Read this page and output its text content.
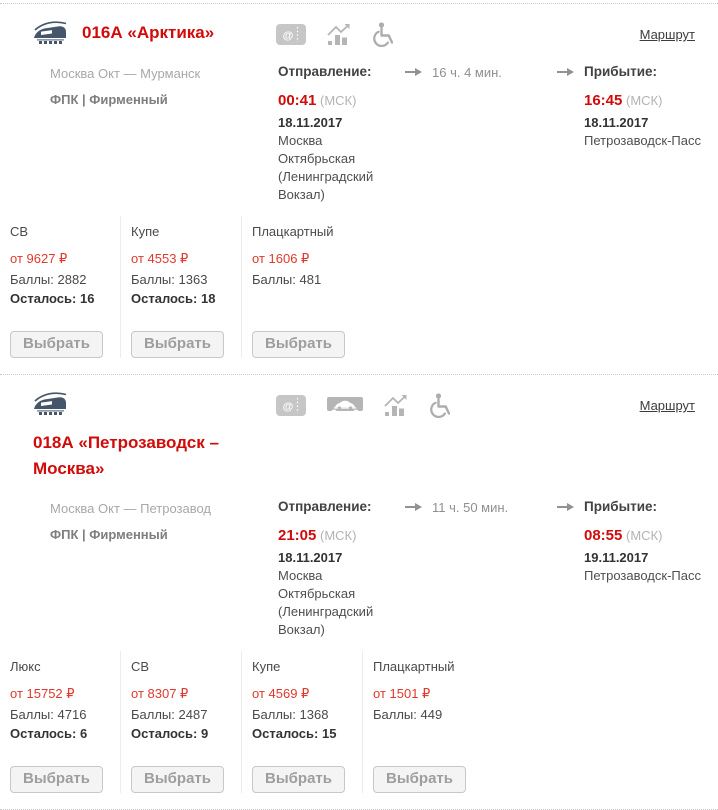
016А «Арктика»	Маршрут
Москва Окт — Мурманск
ФПК | Фирменный
Отправление:
00:41 (МСК)
18.11.2017
Москва Октябрьская (Ленинградский Вокзал)
16 ч. 4 мин.	Прибытие:
16:45 (МСК)
18.11.2017
Петрозаводск-Пасс
СВ
от 9627 ₽
Баллы: 2882
Осталось: 16
Выбрать
Купе
от 4553 ₽
Баллы: 1363
Осталось: 18
Выбрать
Плацкартный
от 1606 ₽
Баллы: 481
Выбрать
018А «Петрозаводск – Москва»
Маршрут
Москва Окт — Петрозавод
ФПК | Фирменный
Отправление:
21:05 (МСК)
18.11.2017
Москва Октябрьская (Ленинградский Вокзал)
11 ч. 50 мин.	Прибытие:
08:55 (МСК)
19.11.2017
Петрозаводск-Пасс
Люкс
от 15752 ₽
Баллы: 4716
Осталось: 6
Выбрать
СВ
от 8307 ₽
Баллы: 2487
Осталось: 9
Выбрать
Купе
от 4569 ₽
Баллы: 1368
Осталось: 15
Выбрать
Плацкартный
от 1501 ₽
Баллы: 449
Выбрать
